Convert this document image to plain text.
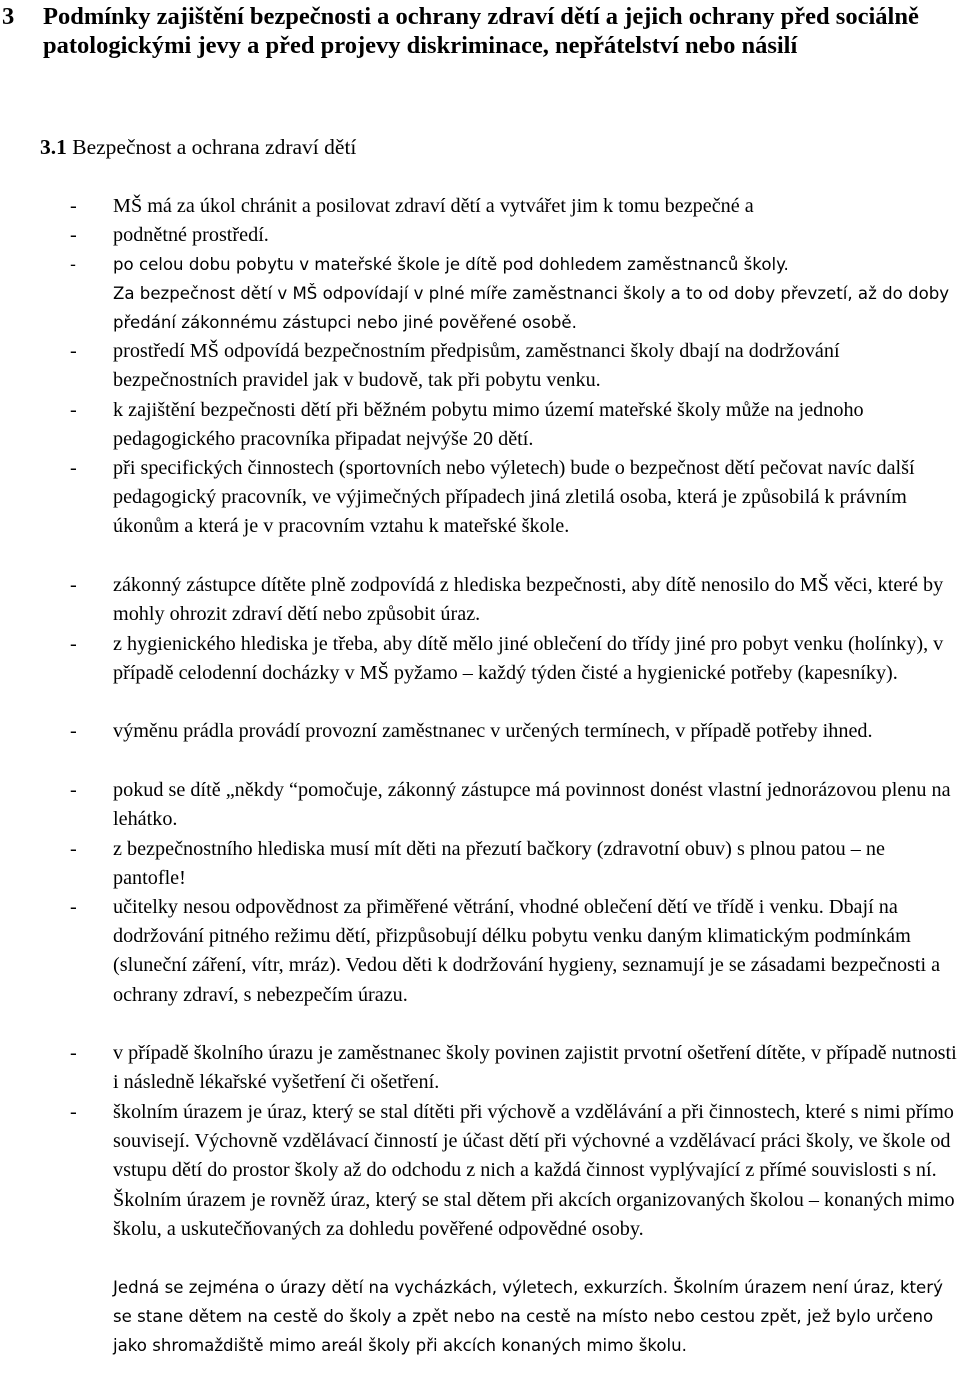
3 Podmínky zajištění bezpečnosti a ochrany zdraví dětí a jejich ochrany před sociálně patologickými jevy a před projevy diskriminace, nepřátelství nebo násilí
3.1 Bezpečnost a ochrana zdraví dětí
- MŠ má za úkol chránit a posilovat zdraví dětí a vytvářet jim k tomu bezpečné a
- podnětné prostředí.
- po celou dobu pobytu v mateřské škole je dítě pod dohledem zaměstnanců školy.
Za bezpečnost dětí v MŠ odpovídají v plné míře zaměstnanci školy a to od doby převzetí, až do doby předání zákonnému zástupci nebo jiné pověřené osobě.
- prostředí MŠ odpovídá bezpečnostním předpisům, zaměstnanci školy dbají na dodržování bezpečnostních pravidel jak v budově, tak při pobytu venku.
- k zajištění bezpečnosti dětí při běžném pobytu mimo území mateřské školy může na jednoho pedagogického pracovníka připadat nejvýše 20 dětí.
- při specifických činnostech (sportovních nebo výletech) bude o bezpečnost dětí pečovat navíc další pedagogický pracovník, ve výjimečných případech jiná zletilá osoba, která je způsobilá k právním úkonům a která je v pracovním vztahu k mateřské škole.
- zákonný zástupce dítěte plně zodpovídá z hlediska bezpečnosti, aby dítě nenosilo do MŠ věci, které by mohly ohrozit zdraví dětí nebo způsobit úraz.
- z hygienického hlediska je třeba, aby dítě mělo jiné oblečení do třídy jiné pro pobyt venku (holínky), v případě celodenní docházky v MŠ pyžamo – každý týden čisté a hygienické potřeby (kapesníky).
- výměnu prádla provádí provozní zaměstnanec v určených termínech, v případě potřeby ihned.
- pokud se dítě „někdy “pomočuje, zákonný zástupce má povinnost donést vlastní jednorázovou plenu na lehátko.
- z bezpečnostního hlediska musí mít děti na přezutí bačkory (zdravotní obuv) s plnou patou – ne pantofle!
- učitelky nesou odpovědnost za přiměřené větrání, vhodné oblečení dětí ve třídě i venku. Dbají na dodržování pitného režimu dětí, přizpůsobují délku pobytu venku daným klimatickým podmínkám (sluneční záření, vítr, mráz). Vedou děti k dodržování hygieny, seznamují je se zásadami bezpečnosti a ochrany zdraví, s nebezpečím úrazu.
- v případě školního úrazu je zaměstnanec školy povinen zajistit prvotní ošetření dítěte, v případě nutnosti i následně lékařské vyšetření či ošetření.
- školním úrazem je úraz, který se stal dítěti při výchově a vzdělávání a při činnostech, které s nimi přímo souvisejí. Výchovně vzdělávací činností je účast dětí při výchovné a vzdělávací práci školy, ve škole od vstupu dětí do prostor školy až do odchodu z nich a každá činnost vyplývající z přímé souvislosti s ní. Školním úrazem je rovněž úraz, který se stal dětem při akcích organizovaných školou – konaných mimo školu, a uskutečňovaných za dohledu pověřené odpovědné osoby.
Jedná se zejména o úrazy dětí na vycházkách, výletech, exkurzích. Školním úrazem není úraz, který se stane dětem na cestě do školy a zpět nebo na cestě na místo nebo cestou zpět, jež bylo určeno jako shromaždiště mimo areál školy při akcích konaných mimo školu.
